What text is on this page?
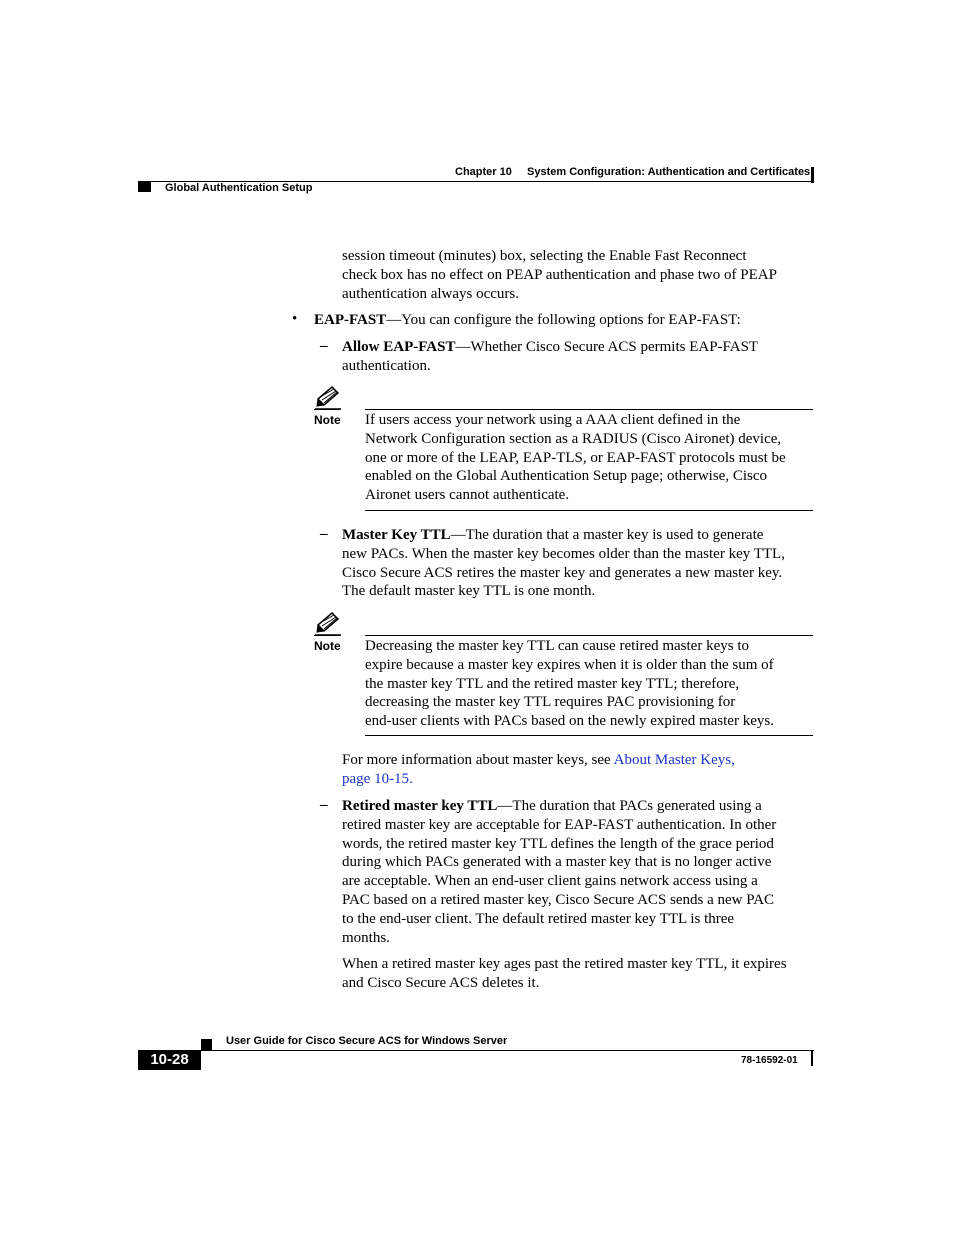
Chapter 10 System Configuration: Authentication and Certificates
Global Authentication Setup
session timeout (minutes) box, selecting the Enable Fast Reconnect
check box has no effect on PEAP authentication and phase two of PEAP
authentication always occurs.
• EAP-FAST—You can configure the following options for EAP-FAST:
– Allow EAP-FAST—Whether Cisco Secure ACS permits EAP-FAST
authentication.
Note If users access your network using a AAA client defined in the
Network Configuration section as a RADIUS (Cisco Aironet) device,
one or more of the LEAP, EAP-TLS, or EAP-FAST protocols must be
enabled on the Global Authentication Setup page; otherwise, Cisco
Aironet users cannot authenticate.
– Master Key TTL—The duration that a master key is used to generate
new PACs. When the master key becomes older than the master key TTL,
Cisco Secure ACS retires the master key and generates a new master key.
The default master key TTL is one month.
Note Decreasing the master key TTL can cause retired master keys to
expire because a master key expires when it is older than the sum of
the master key TTL and the retired master key TTL; therefore,
decreasing the master key TTL requires PAC provisioning for
end-user clients with PACs based on the newly expired master keys.
For more information about master keys, see About Master Keys,
page 10-15.
– Retired master key TTL—The duration that PACs generated using a
retired master key are acceptable for EAP-FAST authentication. In other
words, the retired master key TTL defines the length of the grace period
during which PACs generated with a master key that is no longer active
are acceptable. When an end-user client gains network access using a
PAC based on a retired master key, Cisco Secure ACS sends a new PAC
to the end-user client. The default retired master key TTL is three
months.
When a retired master key ages past the retired master key TTL, it expires
and Cisco Secure ACS deletes it.
User Guide for Cisco Secure ACS for Windows Server
10-28	78-16592-01
